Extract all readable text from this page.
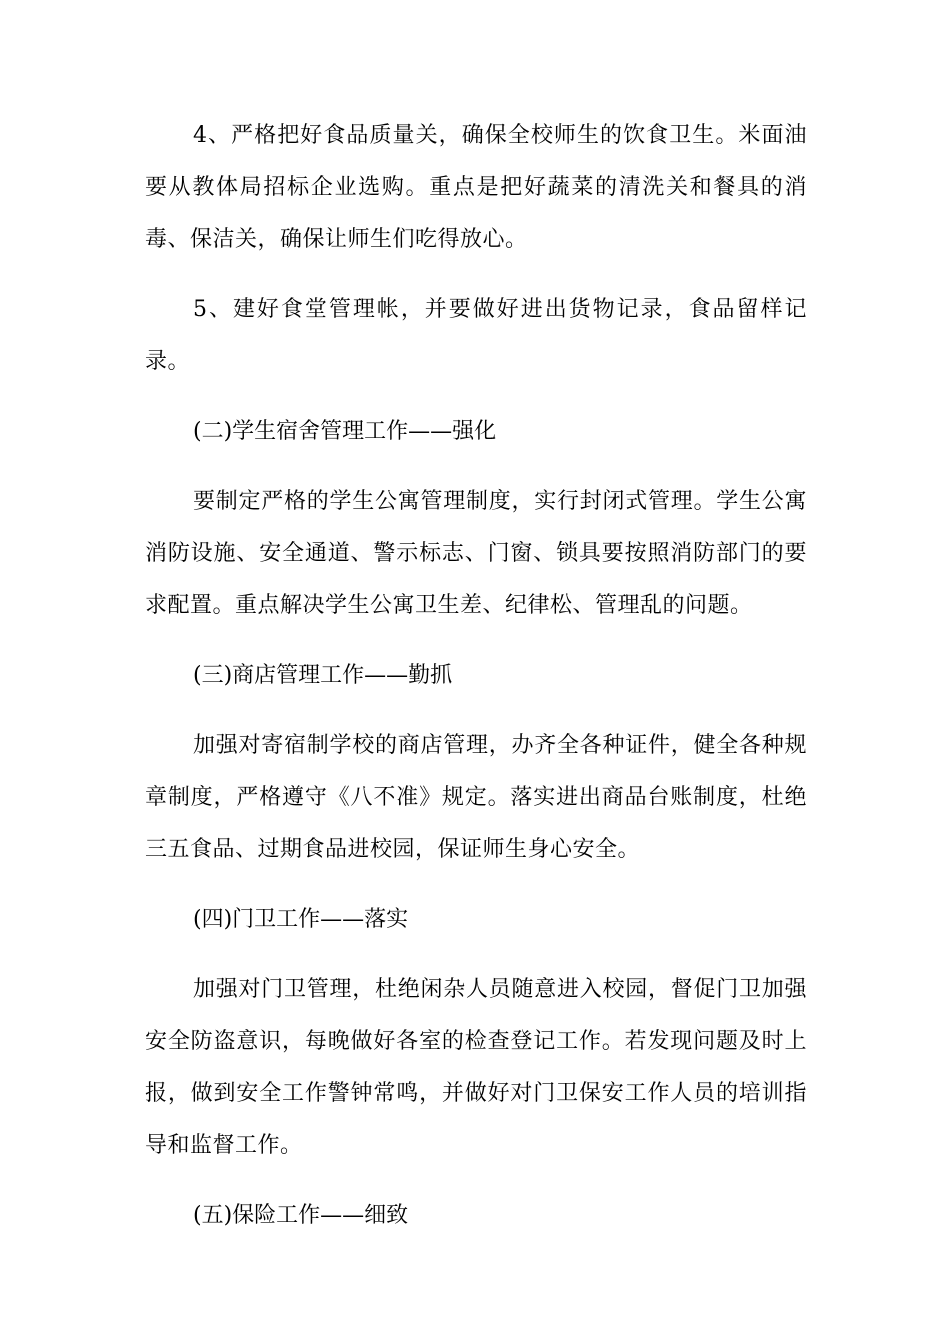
4、严格把好食品质量关，确保全校师生的饮食卫生。米面油要从教体局招标企业选购。重点是把好蔬菜的清洗关和餐具的消毒、保洁关，确保让师生们吃得放心。

5、建好食堂管理帐，并要做好进出货物记录，食品留样记录。

(二)学生宿舍管理工作——强化

要制定严格的学生公寓管理制度，实行封闭式管理。学生公寓消防设施、安全通道、警示标志、门窗、锁具要按照消防部门的要求配置。重点解决学生公寓卫生差、纪律松、管理乱的问题。

(三)商店管理工作——勤抓

加强对寄宿制学校的商店管理，办齐全各种证件，健全各种规章制度，严格遵守《八不准》规定。落实进出商品台账制度，杜绝三五食品、过期食品进校园，保证师生身心安全。

(四)门卫工作——落实

加强对门卫管理，杜绝闲杂人员随意进入校园，督促门卫加强安全防盗意识，每晚做好各室的检查登记工作。若发现问题及时上报，做到安全工作警钟常鸣，并做好对门卫保安工作人员的培训指导和监督工作。

(五)保险工作——细致
